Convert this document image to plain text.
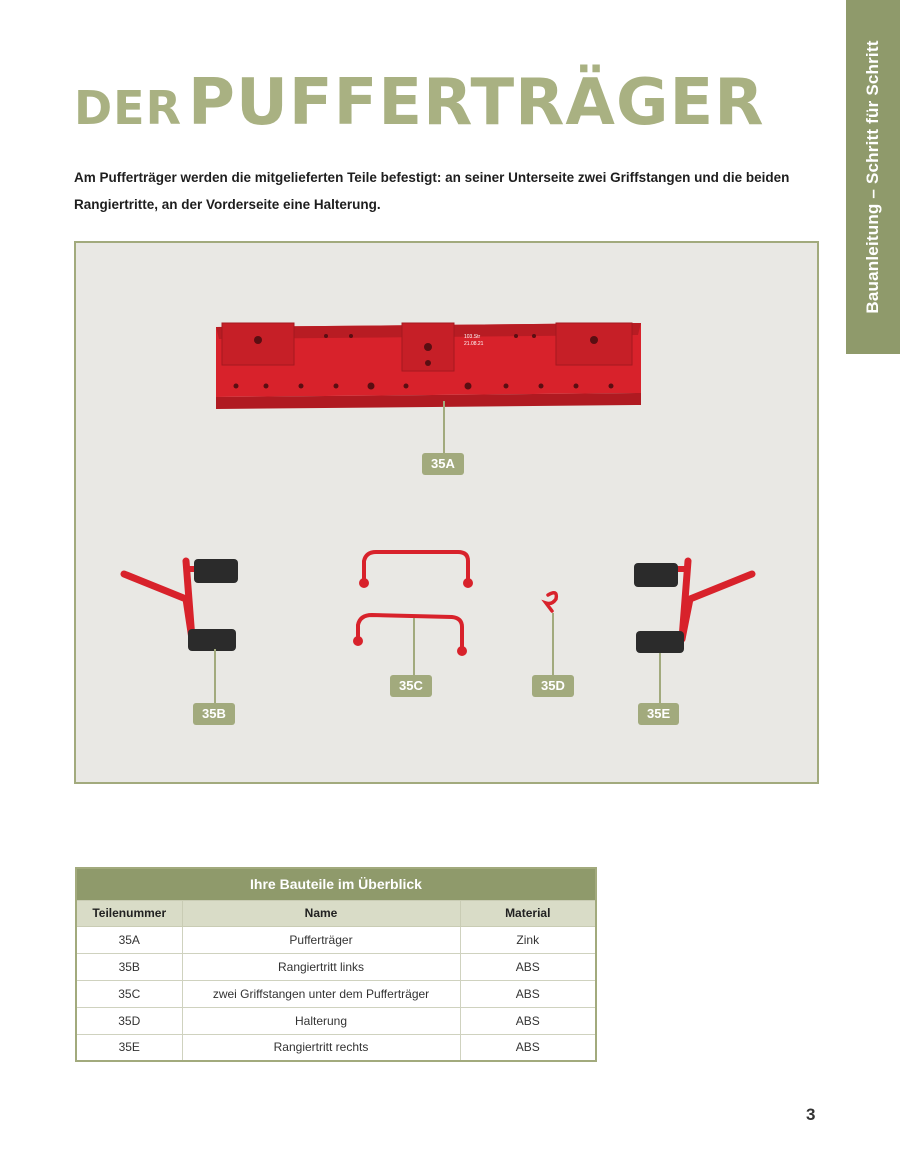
Bauanleitung – Schritt für Schritt
DERPUFFERTRÄGER

Am Pufferträger werden die mitgelieferten Teile befestigt: an seiner Unterseite zwei Griffstangen und die beiden Rangiertritte, an der Vorderseite eine Halterung.

103.Str
21.08.21
35A
35B
35C	35D
35E
Ihre Bauteile im Überblick		
Teilenummer	Name	Material
35A	Pufferträger	Zink
35B	Rangiertritt links	ABS
35C	zwei Griffstangen unter dem Pufferträger	ABS
35D	Halterung	ABS
35E	Rangiertritt rechts	ABS
3
